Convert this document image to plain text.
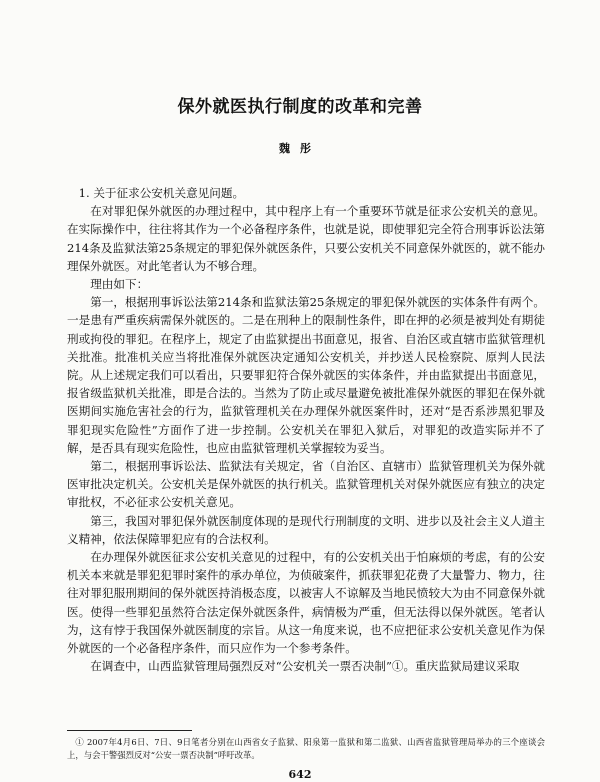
保外就医执行制度的改革和完善
魏彤

1. 关于征求公安机关意见问题。

在对罪犯保外就医的办理过程中，其中程序上有一个重要环节就是征求公安机关的意见。在实际操作中，往往将其作为一个必备程序条件，也就是说，即使罪犯完全符合刑事诉讼法第214条及监狱法第25条规定的罪犯保外就医条件，只要公安机关不同意保外就医的，就不能办理保外就医。对此笔者认为不够合理。

理由如下：

第一，根据刑事诉讼法第214条和监狱法第25条规定的罪犯保外就医的实体条件有两个。一是患有严重疾病需保外就医的。二是在刑种上的限制性条件，即在押的必须是被判处有期徒刑或拘役的罪犯。在程序上，规定了由监狱提出书面意见，报省、自治区或直辖市监狱管理机关批准。批准机关应当将批准保外就医决定通知公安机关，并抄送人民检察院、原判人民法院。从上述规定我们可以看出，只要罪犯符合保外就医的实体条件，并由监狱提出书面意见，报省级监狱机关批准，即是合法的。当然为了防止或尽量避免被批准保外就医的罪犯在保外就医期间实施危害社会的行为，监狱管理机关在办理保外就医案件时，还对“是否系涉黑犯罪及罪犯现实危险性”方面作了进一步控制。公安机关在罪犯入狱后，对罪犯的改造实际并不了解，是否具有现实危险性，也应由监狱管理机关掌握较为妥当。

第二，根据刑事诉讼法、监狱法有关规定，省（自治区、直辖市）监狱管理机关为保外就医审批决定机关。公安机关是保外就医的执行机关。监狱管理机关对保外就医应有独立的决定审批权，不必征求公安机关意见。

第三，我国对罪犯保外就医制度体现的是现代行刑制度的文明、进步以及社会主义人道主义精神，依法保障罪犯应有的合法权利。

在办理保外就医征求公安机关意见的过程中，有的公安机关出于怕麻烦的考虑，有的公安机关本来就是罪犯犯罪时案件的承办单位，为侦破案件，抓获罪犯花费了大量警力、物力，往往对罪犯服刑期间的保外就医持消极态度，以被害人不谅解及当地民愤较大为由不同意保外就医。使得一些罪犯虽然符合法定保外就医条件，病情极为严重，但无法得以保外就医。笔者认为，这有悖于我国保外就医制度的宗旨。从这一角度来说，也不应把征求公安机关意见作为保外就医的一个必备程序条件，而只应作为一个参考条件。

在调查中，山西监狱管理局强烈反对“公安机关一票否决制”①。重庆监狱局建议采取

① 2007年4月6日、7日、9日笔者分别在山西省女子监狱、阳泉第一监狱和第二监狱、山西省监狱管理局举办的三个座谈会上，与会干警强烈反对“公安一票否决制”呼吁改革。

642
